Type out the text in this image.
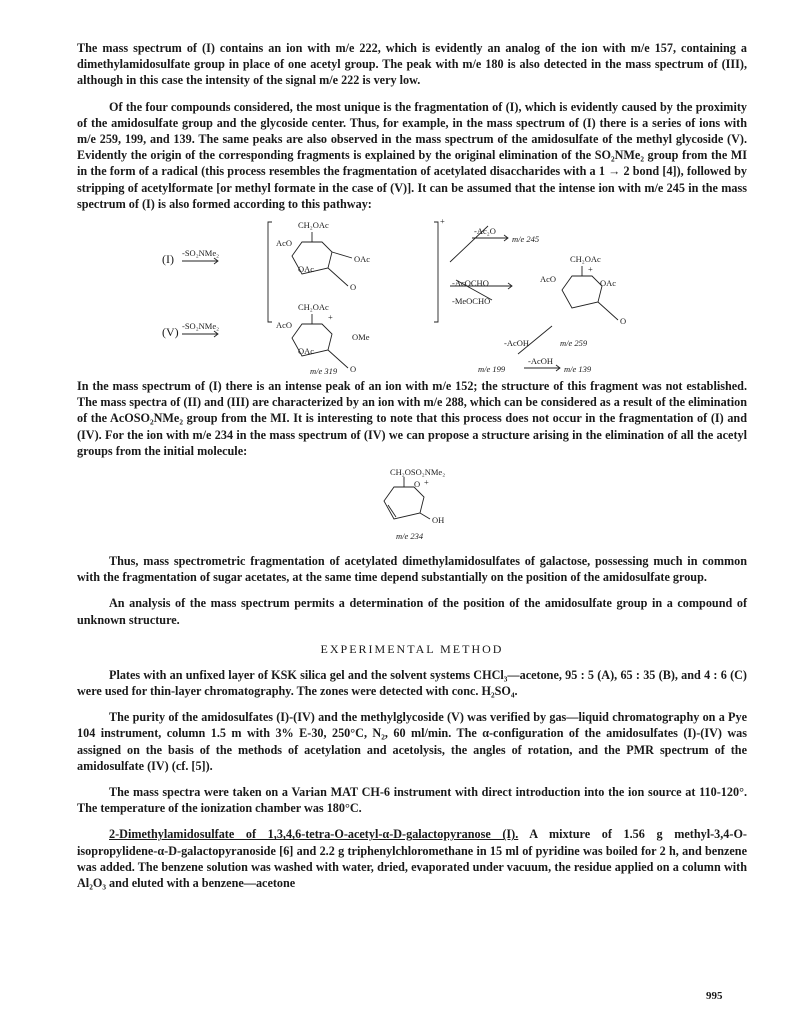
The mass spectrum of (I) contains an ion with m/e 222, which is evidently an analog of the ion with m/e 157, containing a dimethylamidosulfate group in place of one acetyl group. The peak with m/e 180 is also detected in the mass spectrum of (III), although in this case the intensity of the signal m/e 222 is very low.

Of the four compounds considered, the most unique is the fragmentation of (I), which is evidently caused by the proximity of the amidosulfate group and the glycoside center. Thus, for example, in the mass spectrum of (I) there is a series of ions with m/e 259, 199, and 139. The same peaks are also observed in the mass spectrum of the amidosulfate of the methyl glycoside (V). Evidently the origin of the corresponding fragments is explained by the original elimination of the SO₂NMe₂ group from the MI in the form of a radical (this process resembles the fragmentation of acetylated disaccharides with a 1 → 2 bond [4]), followed by stripping of acetylformate [or methyl formate in the case of (V)]. It can be assumed that the intense ion with m/e 245 in the mass spectrum of (I) is also formed according to this pathway:

(I)
(V)
-SO₂NMe₂
-SO₂NMe₂
CH₂OAc
CH₂OAc
CH₂OAc
AcO
AcO
AcO
OAc
OAc
OAc
OAc
OMe
O
O
O
+
+
+
-Ac₂O
m/e 245
-AcOCHO
-MeOCHO
-AcOH	m/e 259
-AcOH
m/e 199	m/e 139
m/e 319

In the mass spectrum of (I) there is an intense peak of an ion with m/e 152; the structure of this fragment was not established. The mass spectra of (II) and (III) are characterized by an ion with m/e 288, which can be considered as a result of the elimination of the AcOSO₂NMe₂ group from the MI. It is interesting to note that this process does not occur in the fragmentation of (I) and (IV). For the ion with m/e 234 in the mass spectrum of (IV) we can propose a structure arising in the elimination of all the acetyl groups from the initial molecule:

CH₂OSO₂NMe₂
O +
OH
m/e 234

Thus, mass spectrometric fragmentation of acetylated dimethylamidosulfates of galactose, possessing much in common with the fragmentation of sugar acetates, at the same time depend substantially on the position of the amidosulfate group.

An analysis of the mass spectrum permits a determination of the position of the amidosulfate group in a compound of unknown structure.

EXPERIMENTAL METHOD

Plates with an unfixed layer of KSK silica gel and the solvent systems CHCl₃—acetone, 95 : 5 (A), 65 : 35 (B), and 4 : 6 (C) were used for thin-layer chromatography. The zones were detected with conc. H₂SO₄.

The purity of the amidosulfates (I)-(IV) and the methylglycoside (V) was verified by gas—liquid chromatography on a Pye 104 instrument, column 1.5 m with 3% E-30, 250°C, N₂, 60 ml/min. The α-configuration of the amidosulfates (I)-(IV) was assigned on the basis of the methods of acetylation and acetolysis, the angles of rotation, and the PMR spectrum of the amidosulfate (IV) (cf. [5]).

The mass spectra were taken on a Varian MAT CH-6 instrument with direct introduction into the ion source at 110-120°. The temperature of the ionization chamber was 180°C.

2-Dimethylamidosulfate of 1,3,4,6-tetra-O-acetyl-α-D-galactopyranose (I). A mixture of 1.56 g methyl-3,4-O-isopropylidene-α-D-galactopyranoside [6] and 2.2 g triphenylchloromethane in 15 ml of pyridine was boiled for 2 h, and benzene was added. The benzene solution was washed with water, dried, evaporated under vacuum, the residue applied on a column with Al₂O₃ and eluted with a benzene—acetone

995
